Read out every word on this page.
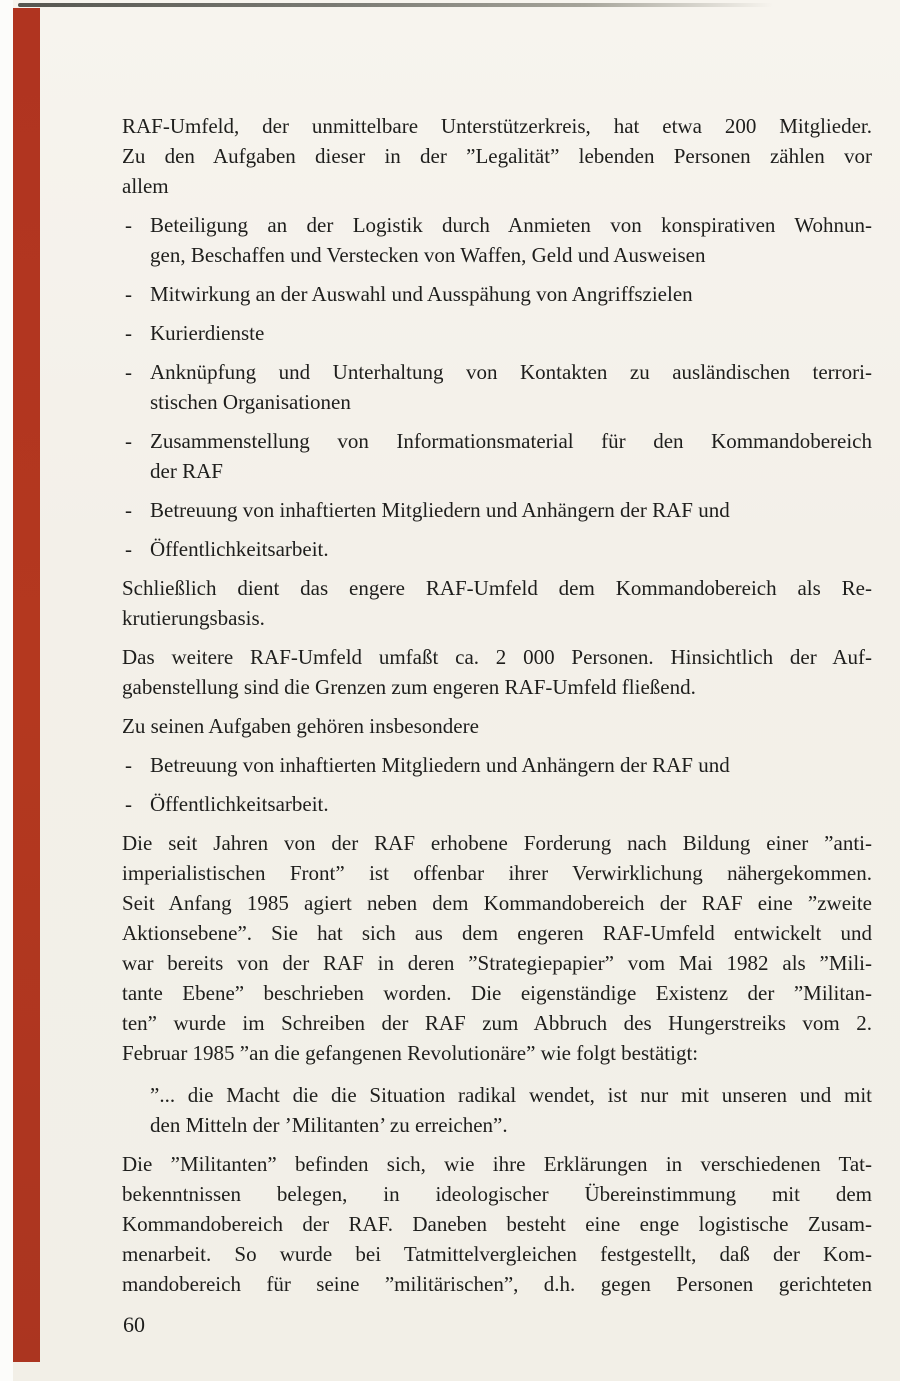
RAF-Umfeld, der unmittelbare Unterstützerkreis, hat etwa 200 Mitglieder.
Zu den Aufgaben dieser in der ”Legalität” lebenden Personen zählen vor
allem
- Beteiligung an der Logistik durch Anmieten von konspirativen Wohnun-
gen, Beschaffen und Verstecken von Waffen, Geld und Ausweisen
- Mitwirkung an der Auswahl und Ausspähung von Angriffszielen
- Kurierdienste
- Anknüpfung und Unterhaltung von Kontakten zu ausländischen terrori-
stischen Organisationen
- Zusammenstellung von Informationsmaterial für den Kommandobereich
der RAF
- Betreuung von inhaftierten Mitgliedern und Anhängern der RAF und
- Öffentlichkeitsarbeit.
Schließlich dient das engere RAF-Umfeld dem Kommandobereich als Re-
krutierungsbasis.
Das weitere RAF-Umfeld umfaßt ca. 2 000 Personen. Hinsichtlich der Auf-
gabenstellung sind die Grenzen zum engeren RAF-Umfeld fließend.
Zu seinen Aufgaben gehören insbesondere
- Betreuung von inhaftierten Mitgliedern und Anhängern der RAF und
- Öffentlichkeitsarbeit.
Die seit Jahren von der RAF erhobene Forderung nach Bildung einer ”anti-
imperialistischen Front” ist offenbar ihrer Verwirklichung nähergekommen.
Seit Anfang 1985 agiert neben dem Kommandobereich der RAF eine ”zweite
Aktionsebene”. Sie hat sich aus dem engeren RAF-Umfeld entwickelt und
war bereits von der RAF in deren ”Strategiepapier” vom Mai 1982 als ”Mili-
tante Ebene” beschrieben worden. Die eigenständige Existenz der ”Militan-
ten” wurde im Schreiben der RAF zum Abbruch des Hungerstreiks vom 2.
Februar 1985 ”an die gefangenen Revolutionäre” wie folgt bestätigt:
”... die Macht die die Situation radikal wendet, ist nur mit unseren und mit
den Mitteln der ’Militanten’ zu erreichen”.
Die ”Militanten” befinden sich, wie ihre Erklärungen in verschiedenen Tat-
bekenntnissen belegen, in ideologischer Übereinstimmung mit dem
Kommandobereich der RAF. Daneben besteht eine enge logistische Zusam-
menarbeit. So wurde bei Tatmittelvergleichen festgestellt, daß der Kom-
mandobereich für seine ”militärischen”, d.h. gegen Personen gerichteten
60
